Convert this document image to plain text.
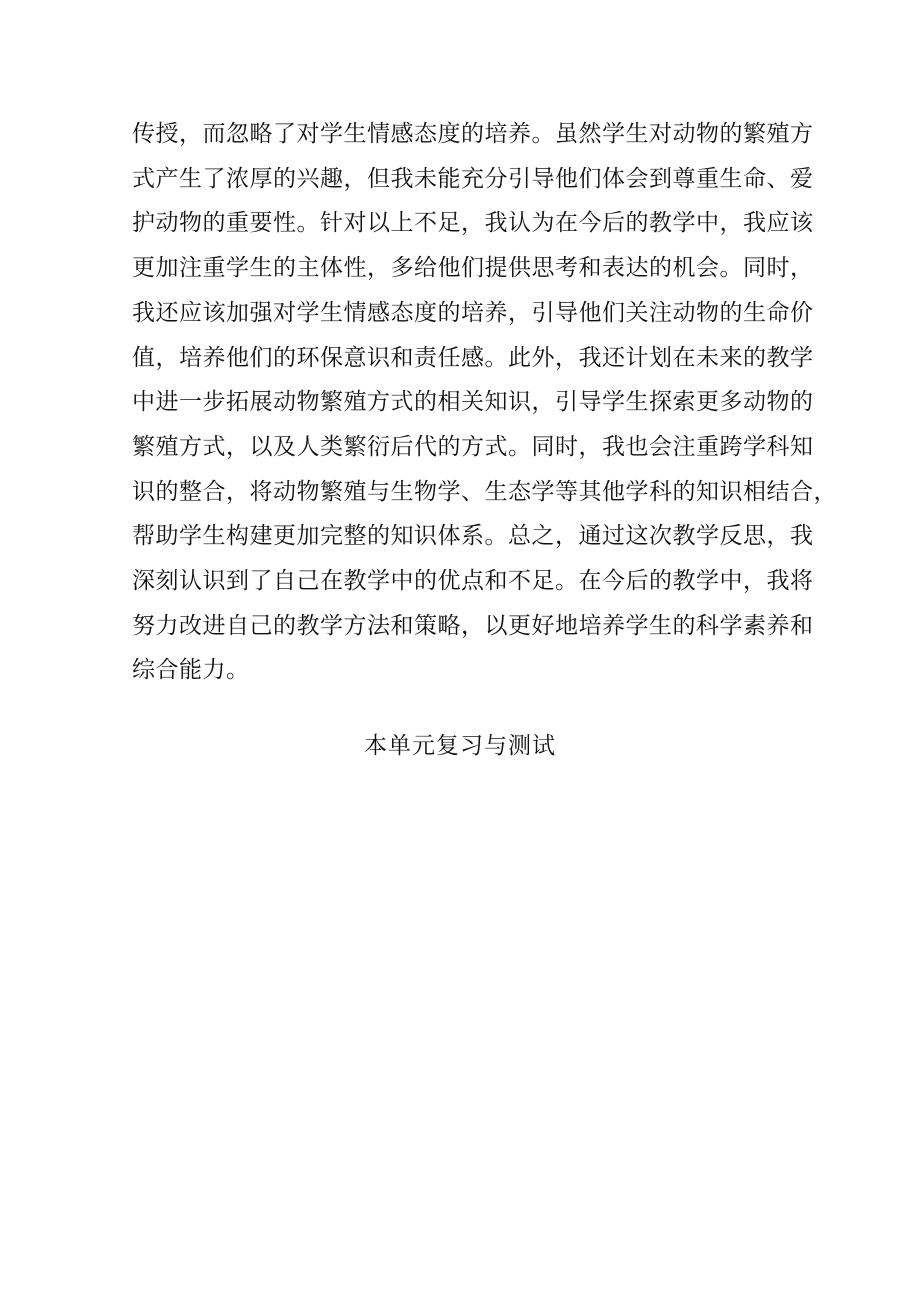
传授，而忽略了对学生情感态度的培养。虽然学生对动物的繁殖方
式产生了浓厚的兴趣，但我未能充分引导他们体会到尊重生命、爱
护动物的重要性。针对以上不足，我认为在今后的教学中，我应该
更加注重学生的主体性，多给他们提供思考和表达的机会。同时，
我还应该加强对学生情感态度的培养，引导他们关注动物的生命价
值，培养他们的环保意识和责任感。此外，我还计划在未来的教学
中进一步拓展动物繁殖方式的相关知识，引导学生探索更多动物的
繁殖方式，以及人类繁衍后代的方式。同时，我也会注重跨学科知
识的整合，将动物繁殖与生物学、生态学等其他学科的知识相结合，
帮助学生构建更加完整的知识体系。总之，通过这次教学反思，我
深刻认识到了自己在教学中的优点和不足。在今后的教学中，我将
努力改进自己的教学方法和策略，以更好地培养学生的科学素养和
综合能力。
本单元复习与测试
